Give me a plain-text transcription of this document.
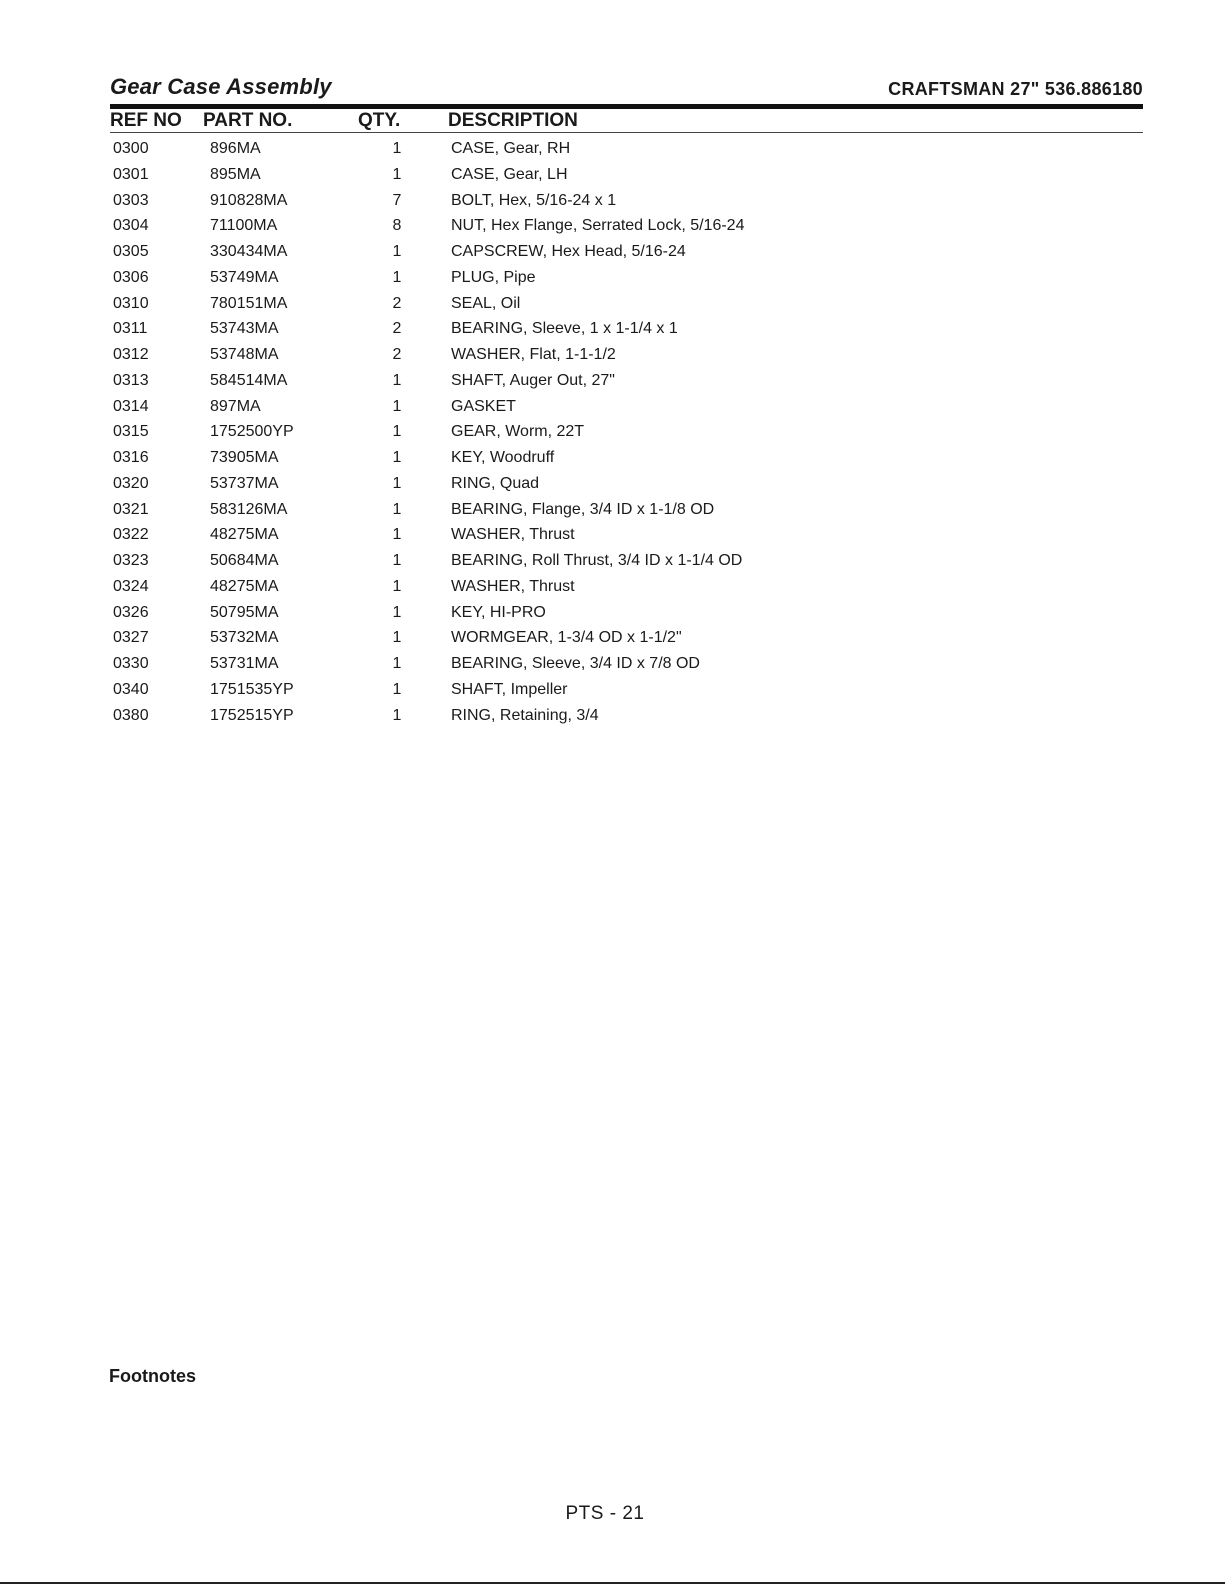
Gear Case Assembly	CRAFTSMAN 27" 536.886180
REF NO PART NO.	QTY.	DESCRIPTION
0300	896MA	1	CASE, Gear, RH
0301	895MA	1	CASE, Gear, LH
0303	910828MA	7	BOLT, Hex, 5/16-24 x 1
0304	71100MA	8	NUT, Hex Flange, Serrated Lock, 5/16-24
0305	330434MA	1	CAPSCREW, Hex Head, 5/16-24
0306	53749MA	1	PLUG, Pipe
0310	780151MA	2	SEAL, Oil
0311	53743MA	2	BEARING, Sleeve, 1 x 1-1/4 x 1
0312	53748MA	2	WASHER, Flat, 1-1-1/2
0313	584514MA	1	SHAFT, Auger Out, 27"
0314	897MA	1	GASKET
0315	1752500YP	1	GEAR, Worm, 22T
0316	73905MA	1	KEY, Woodruff
0320	53737MA	1	RING, Quad
0321	583126MA	1	BEARING, Flange, 3/4 ID x 1-1/8 OD
0322	48275MA	1	WASHER, Thrust
0323	50684MA	1	BEARING, Roll Thrust, 3/4 ID x 1-1/4 OD
0324	48275MA	1	WASHER, Thrust
0326	50795MA	1	KEY, HI-PRO
0327	53732MA	1	WORMGEAR, 1-3/4 OD x 1-1/2"
0330	53731MA	1	BEARING, Sleeve, 3/4 ID x 7/8 OD
0340	1751535YP	1	SHAFT, Impeller
0380	1752515YP	1	RING, Retaining, 3/4
Footnotes
PTS - 21
